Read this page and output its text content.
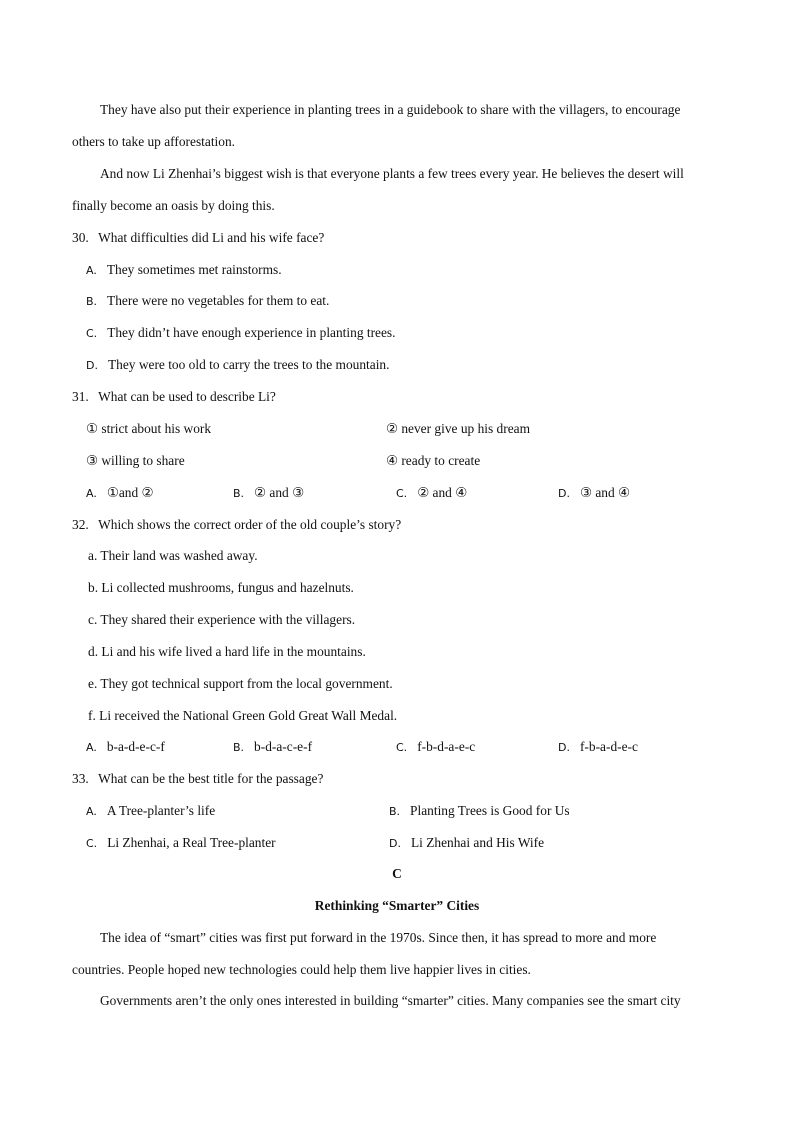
They have also put their experience in planting trees in a guidebook to share with the villagers, to encourage
others to take up afforestation.
And now Li Zhenhai’s biggest wish is that everyone plants a few trees every year. He believes the desert will
finally become an oasis by doing this.
30. What difficulties did Li and his wife face?
A. They sometimes met rainstorms.
B. There were no vegetables for them to eat.
C. They didn’t have enough experience in planting trees.
D. They were too old to carry the trees to the mountain.
31. What can be used to describe Li?
① strict about his work	② never give up his dream
③ willing to share	④ ready to create
A. ①and ②	B. ② and ③	C. ② and ④	D. ③ and ④
32. Which shows the correct order of the old couple’s story?
a. Their land was washed away.
b. Li collected mushrooms, fungus and hazelnuts.
c. They shared their experience with the villagers.
d. Li and his wife lived a hard life in the mountains.
e. They got technical support from the local government.
f. Li received the National Green Gold Great Wall Medal.
A. b-a-d-e-c-f	B. b-d-a-c-e-f	C. f-b-d-a-e-c	D. f-b-a-d-e-c
33. What can be the best title for the passage?
A. A Tree-planter’s life	B. Planting Trees is Good for Us
C. Li Zhenhai, a Real Tree-planter	D. Li Zhenhai and His Wife
C
Rethinking “Smarter” Cities
The idea of “smart” cities was first put forward in the 1970s. Since then, it has spread to more and more
countries. People hoped new technologies could help them live happier lives in cities.
Governments aren’t the only ones interested in building “smarter” cities. Many companies see the smart city
